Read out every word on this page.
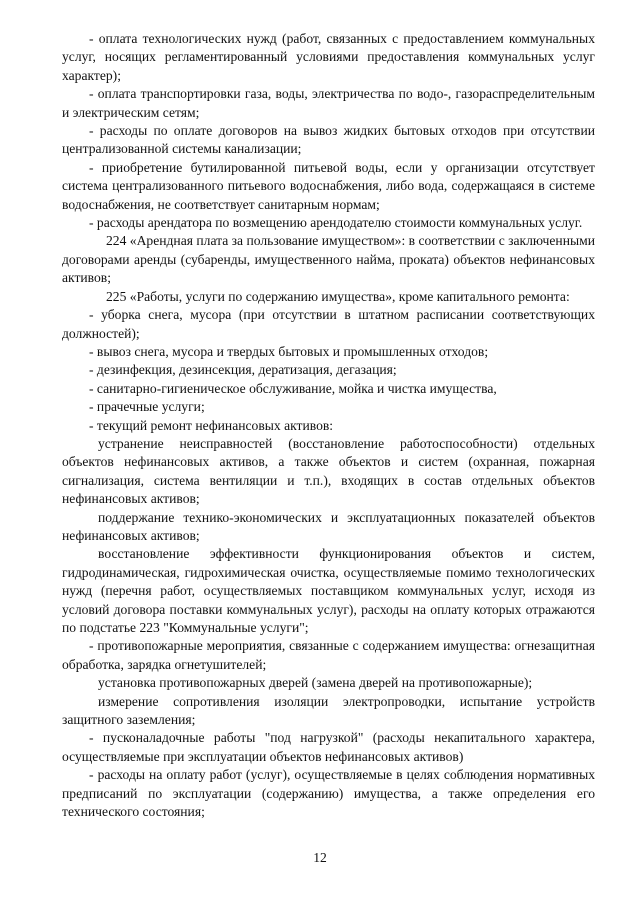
- оплата технологических нужд (работ, связанных с предоставлением коммунальных услуг, носящих регламентированный условиями предоставления коммунальных услуг характер);

- оплата транспортировки газа, воды, электричества по водо-, газораспределительным и электрическим сетям;

- расходы по оплате договоров на вывоз жидких бытовых отходов при отсутствии централизованной системы канализации;

- приобретение бутилированной питьевой воды, если у организации отсутствует система централизованного питьевого водоснабжения, либо вода, содержащаяся в системе водоснабжения, не соответствует санитарным нормам;

- расходы арендатора по возмещению арендодателю стоимости коммунальных услуг.

224 «Арендная плата за пользование имуществом»: в соответствии с заключенными договорами аренды (субаренды, имущественного найма, проката) объектов нефинансовых активов;

225 «Работы, услуги по содержанию имущества», кроме капитального ремонта:

- уборка снега, мусора (при отсутствии в штатном расписании соответствующих должностей);

- вывоз снега, мусора и твердых бытовых и промышленных отходов;

- дезинфекция, дезинсекция, дератизация, дегазация;

- санитарно-гигиеническое обслуживание, мойка и чистка имущества,

- прачечные услуги;

- текущий ремонт нефинансовых активов:

устранение неисправностей (восстановление работоспособности) отдельных объектов нефинансовых активов, а также объектов и систем (охранная, пожарная сигнализация, система вентиляции и т.п.), входящих в состав отдельных объектов нефинансовых активов;

поддержание технико-экономических и эксплуатационных показателей объектов нефинансовых активов;

восстановление эффективности функционирования объектов и систем, гидродинамическая, гидрохимическая очистка, осуществляемые помимо технологических нужд (перечня работ, осуществляемых поставщиком коммунальных услуг, исходя из условий договора поставки коммунальных услуг), расходы на оплату которых отражаются по подстатье 223 "Коммунальные услуги";

- противопожарные мероприятия, связанные с содержанием имущества: огнезащитная обработка, зарядка огнетушителей;

установка противопожарных дверей (замена дверей на противопожарные);

измерение сопротивления изоляции электропроводки, испытание устройств защитного заземления;

- пусконаладочные работы "под нагрузкой" (расходы некапитального характера, осуществляемые при эксплуатации объектов нефинансовых активов)

- расходы на оплату работ (услуг), осуществляемые в целях соблюдения нормативных предписаний по эксплуатации (содержанию) имущества, а также определения его технического состояния;

12
